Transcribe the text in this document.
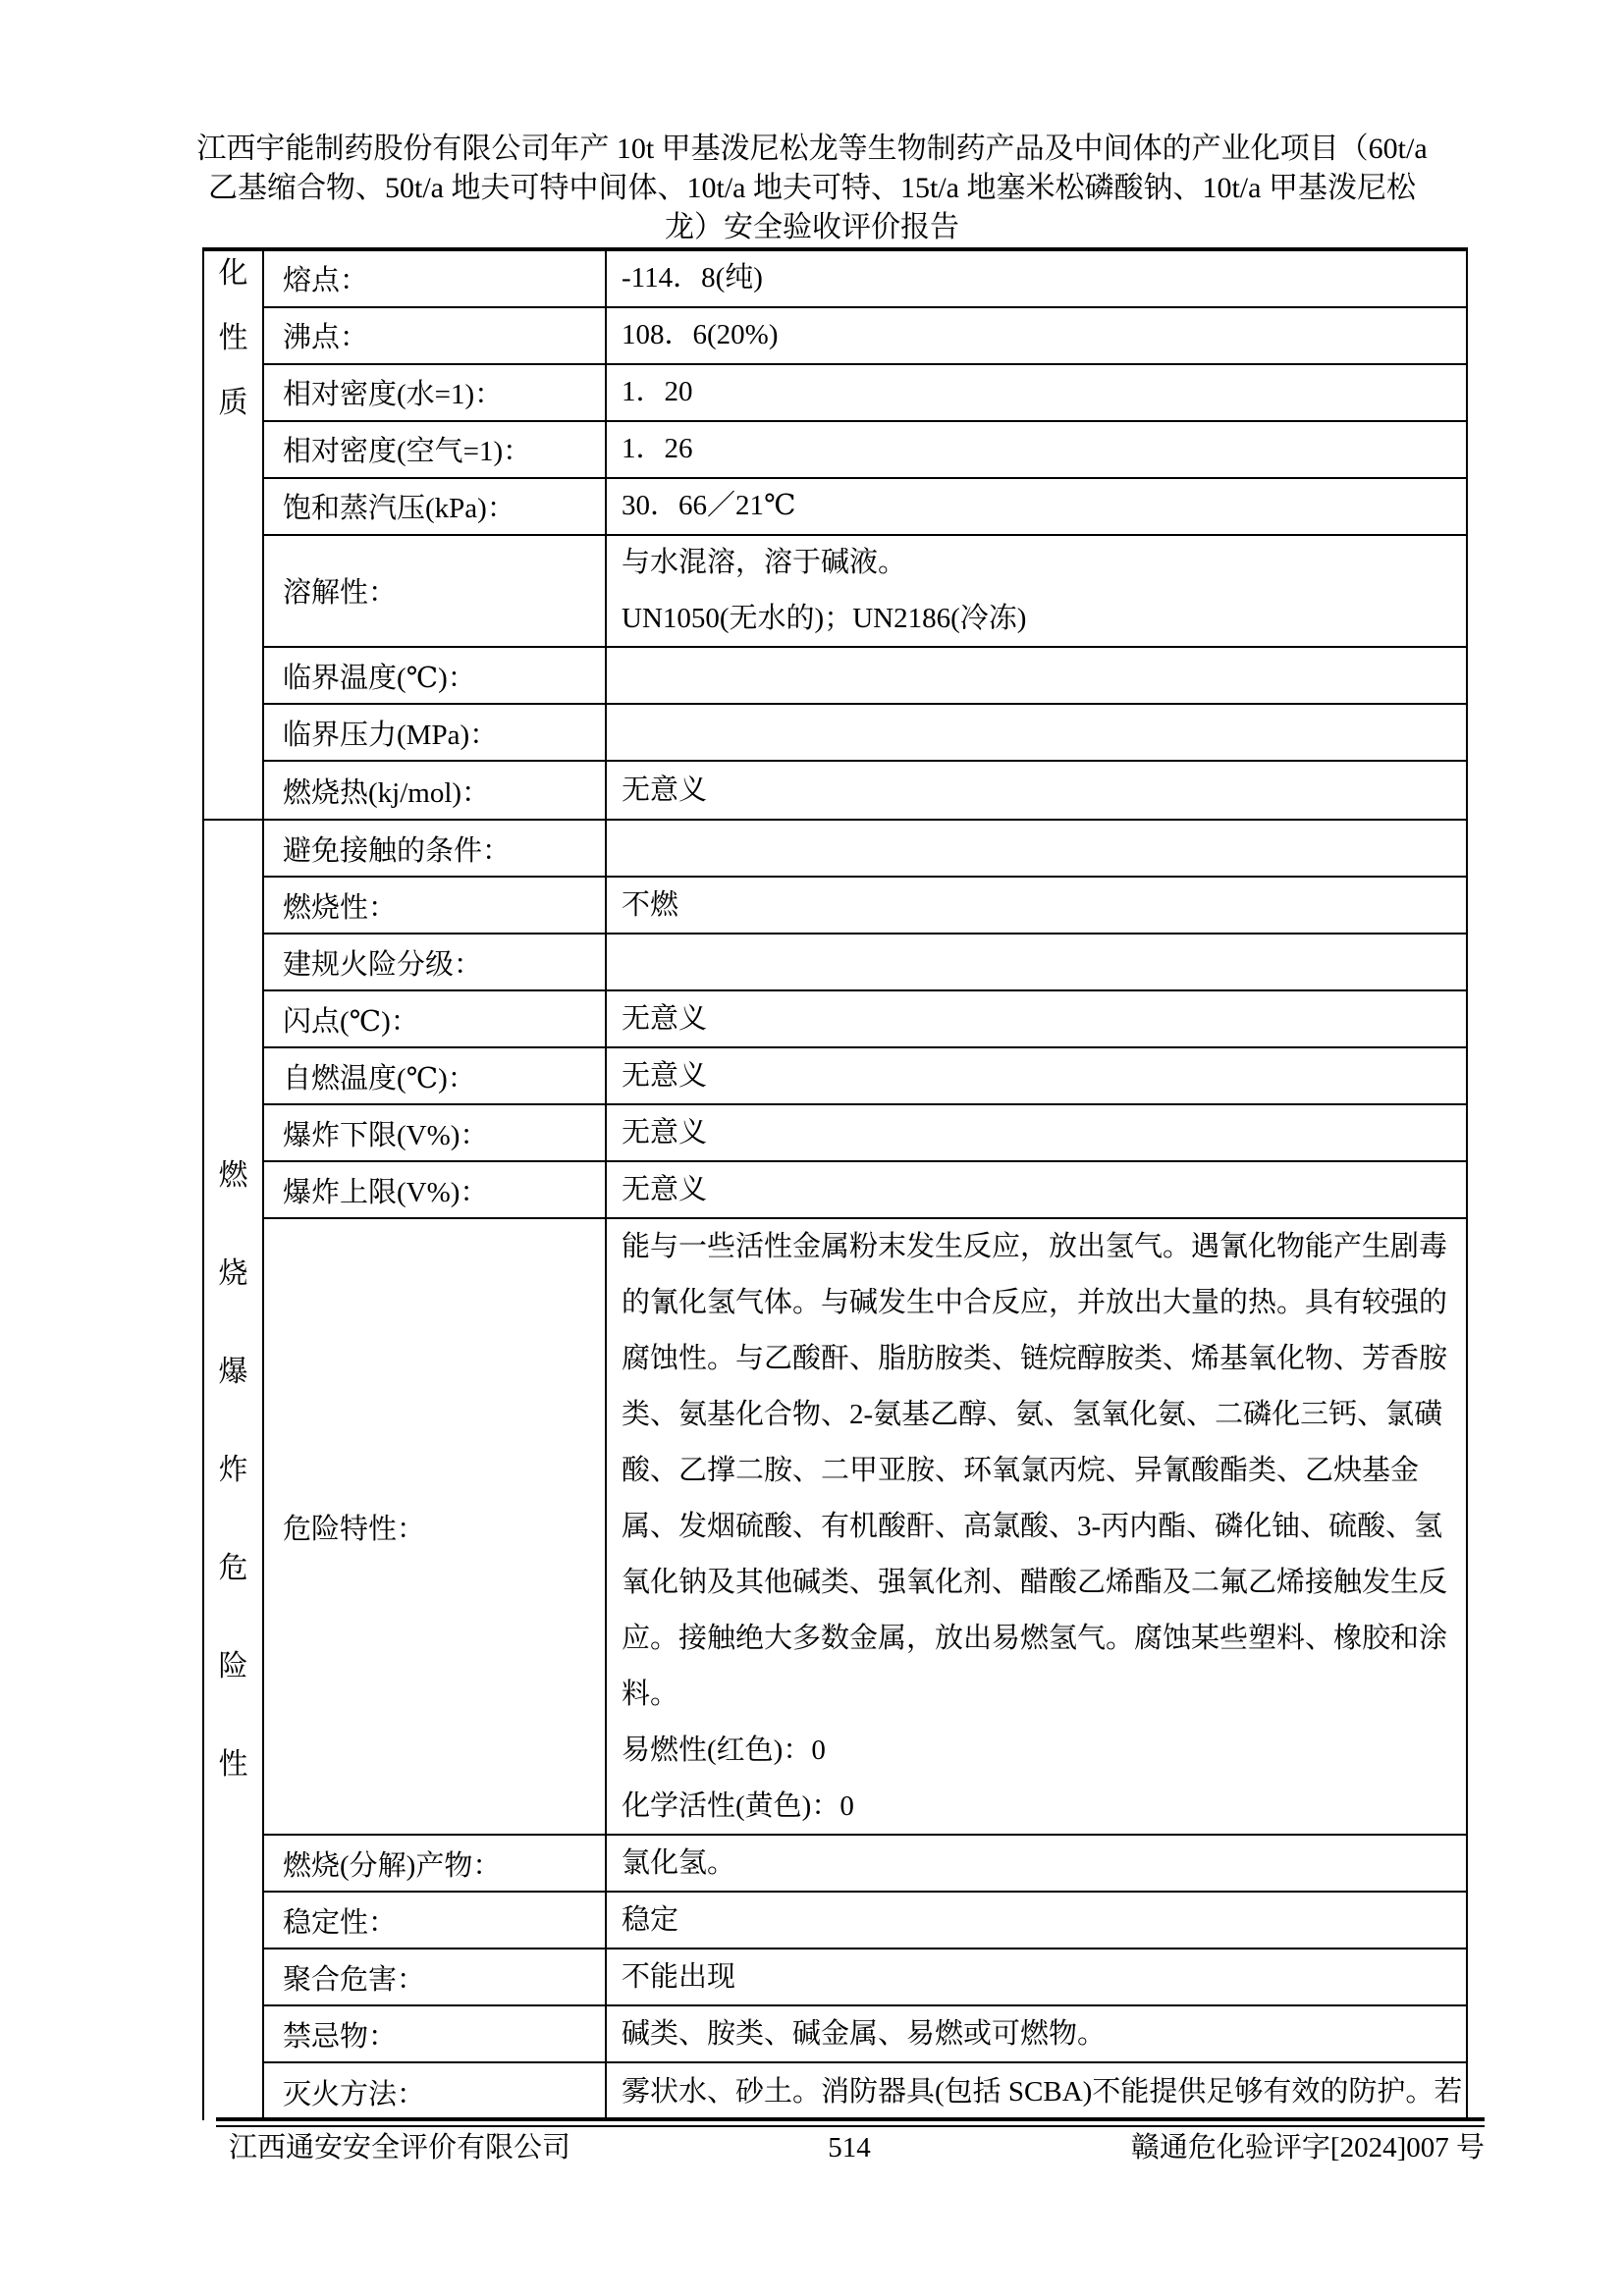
江西宇能制药股份有限公司年产 10t 甲基泼尼松龙等生物制药产品及中间体的产业化项目（60t/a
乙基缩合物、50t/a 地夫可特中间体、10t/a 地夫可特、15t/a 地塞米松磷酸钠、10t/a 甲基泼尼松
龙）安全验收评价报告
化
性
质
熔点：	-114．8(纯)
沸点：	108．6(20%)
相对密度(水=1)：	1．20
相对密度(空气=1)：	1．26
饱和蒸汽压(kPa)：	30．66／21℃
溶解性：
与水混溶，溶于碱液。
UN1050(无水的)；UN2186(冷冻)
临界温度(℃)：
临界压力(MPa)：
燃烧热(kj/mol)：	无意义
燃
烧
爆
炸
危
险
性
避免接触的条件：
燃烧性：	不燃
建规火险分级：
闪点(℃)：	无意义
自燃温度(℃)：	无意义
爆炸下限(V%)：	无意义
爆炸上限(V%)：	无意义
危险特性：
能与一些活性金属粉末发生反应，放出氢气。遇氰化物能产生剧毒
的氰化氢气体。与碱发生中合反应，并放出大量的热。具有较强的
腐蚀性。与乙酸酐、脂肪胺类、链烷醇胺类、烯基氧化物、芳香胺
类、氨基化合物、2-氨基乙醇、氨、氢氧化氨、二磷化三钙、氯磺
酸、乙撑二胺、二甲亚胺、环氧氯丙烷、异氰酸酯类、乙炔基金
属、发烟硫酸、有机酸酐、高氯酸、3-丙内酯、磷化铀、硫酸、氢
氧化钠及其他碱类、强氧化剂、醋酸乙烯酯及二氟乙烯接触发生反
应。接触绝大多数金属，放出易燃氢气。腐蚀某些塑料、橡胶和涂
料。
易燃性(红色)：0
化学活性(黄色)：0
燃烧(分解)产物：	氯化氢。
稳定性：	稳定
聚合危害：	不能出现
禁忌物：	碱类、胺类、碱金属、易燃或可燃物。
灭火方法：	雾状水、砂土。消防器具(包括 SCBA)不能提供足够有效的防护。若
江西通安安全评价有限公司	514	赣通危化验评字[2024]007 号
